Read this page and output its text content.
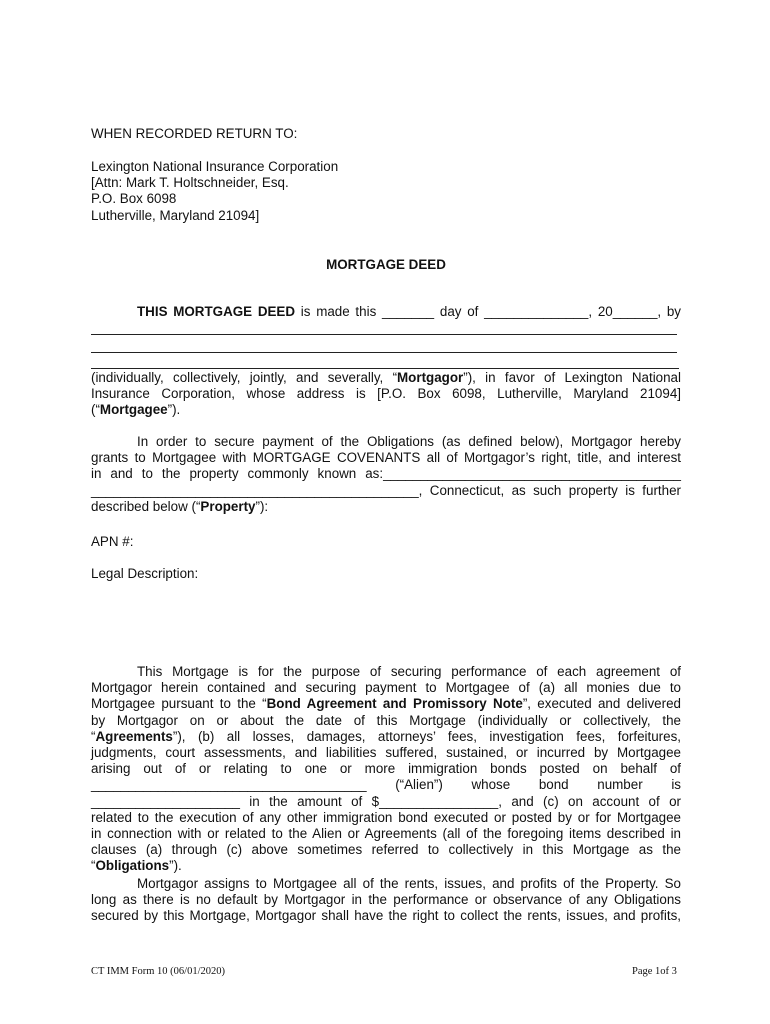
WHEN RECORDED RETURN TO:
Lexington National Insurance Corporation
[Attn: Mark T. Holtschneider, Esq.
P.O. Box 6098
Lutherville, Maryland 21094]
MORTGAGE DEED
THIS MORTGAGE DEED is made this _______ day of ______________, 20______, by
(individually, collectively, jointly, and severally, “Mortgagor”), in favor of Lexington National
Insurance Corporation, whose address is [P.O. Box 6098, Lutherville, Maryland 21094]
(“Mortgagee”).
In order to secure payment of the Obligations (as defined below), Mortgagor hereby
grants to Mortgagee with MORTGAGE COVENANTS all of Mortgagor’s right, title, and interest
in and to the property commonly known as:________________________________________
____________________________________________, Connecticut, as such property is further
described below (“Property”):
APN #:
Legal Description:
This Mortgage is for the purpose of securing performance of each agreement of
Mortgagor herein contained and securing payment to Mortgagee of (a) all monies due to
Mortgagee pursuant to the “Bond Agreement and Promissory Note”, executed and delivered
by Mortgagor on or about the date of this Mortgage (individually or collectively, the
“Agreements”), (b) all losses, damages, attorneys’ fees, investigation fees, forfeitures,
judgments, court assessments, and liabilities suffered, sustained, or incurred by Mortgagee
arising out of or relating to one or more immigration bonds posted on behalf of
_____________________________________ (“Alien”) whose bond number is
____________________ in the amount of $________________, and (c) on account of or
related to the execution of any other immigration bond executed or posted by or for Mortgagee
in connection with or related to the Alien or Agreements (all of the foregoing items described in
clauses (a) through (c) above sometimes referred to collectively in this Mortgage as the
“Obligations”).
Mortgagor assigns to Mortgagee all of the rents, issues, and profits of the Property. So
long as there is no default by Mortgagor in the performance or observance of any Obligations
secured by this Mortgage, Mortgagor shall have the right to collect the rents, issues, and profits,
CT IMM Form 10 (06/01/2020)	Page 1of 3
